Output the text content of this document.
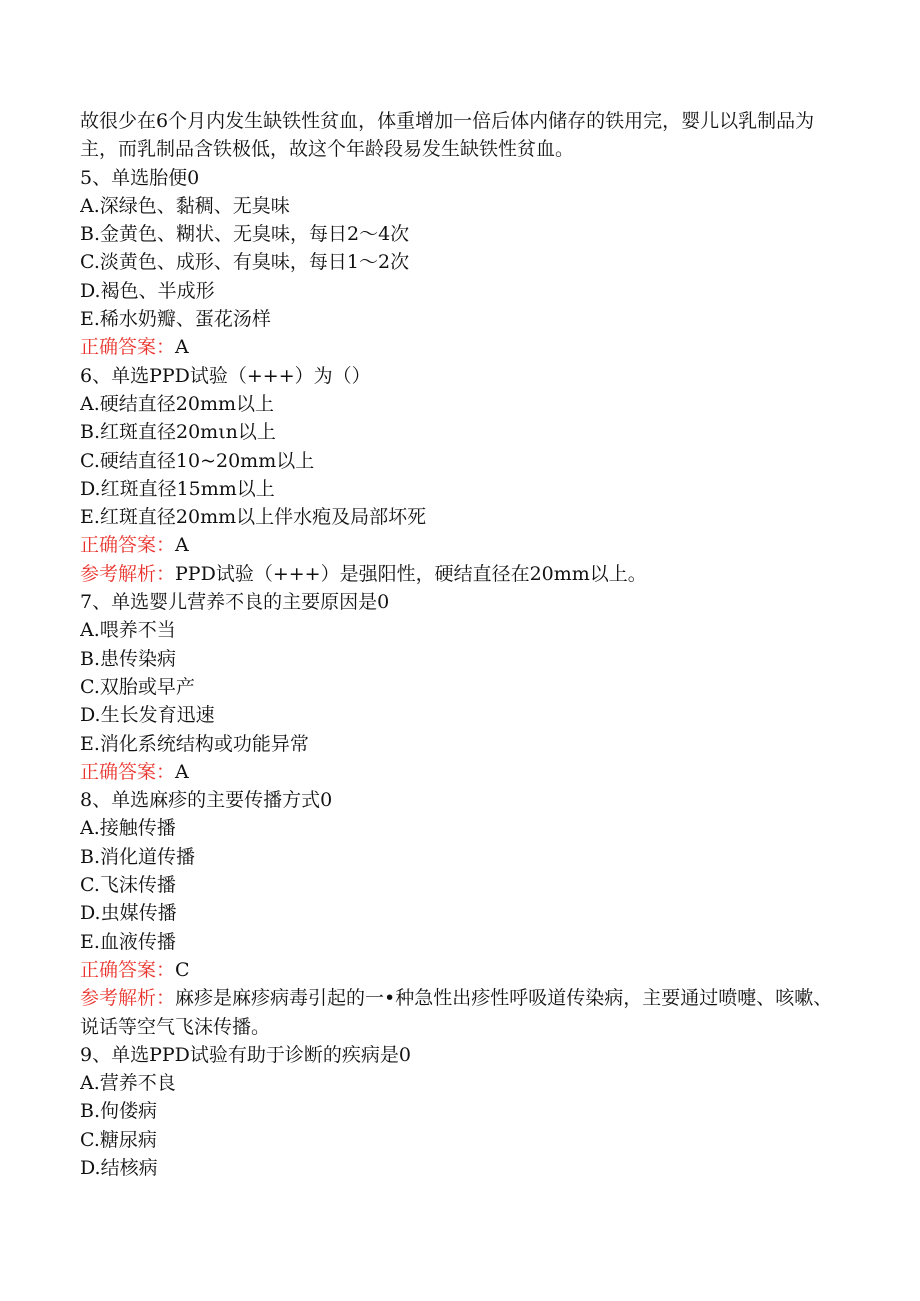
故很少在6个月内发生缺铁性贫血，体重增加一倍后体内储存的铁用完，婴儿以乳制品为主，而乳制品含铁极低，故这个年龄段易发生缺铁性贫血。
5、单选胎便0
A.深绿色、黏稠、无臭味
B.金黄色、糊状、无臭味，每日2～4次
C.淡黄色、成形、有臭味，每日1～2次
D.褐色、半成形
E.稀水奶瓣、蛋花汤样
正确答案：A
6、单选PPD试验（+++）为（）
A.硬结直径20mm以上
B.红斑直径20mιn以上
C.硬结直径10~20mm以上
D.红斑直径15mm以上
E.红斑直径20mm以上伴水疱及局部坏死
正确答案：A
参考解析：PPD试验（+++）是强阳性，硬结直径在20mm以上。
7、单选婴儿营养不良的主要原因是0
A.喂养不当
B.患传染病
C.双胎或早产
D.生长发育迅速
E.消化系统结构或功能异常
正确答案：A
8、单选麻疹的主要传播方式0
A.接触传播
B.消化道传播
C.飞沫传播
D.虫媒传播
E.血液传播
正确答案：C
参考解析：麻疹是麻疹病毒引起的一•种急性出疹性呼吸道传染病，主要通过喷嚏、咳嗽、说话等空气飞沫传播。
9、单选PPD试验有助于诊断的疾病是0
A.营养不良
B.佝偻病
C.糖尿病
D.结核病
